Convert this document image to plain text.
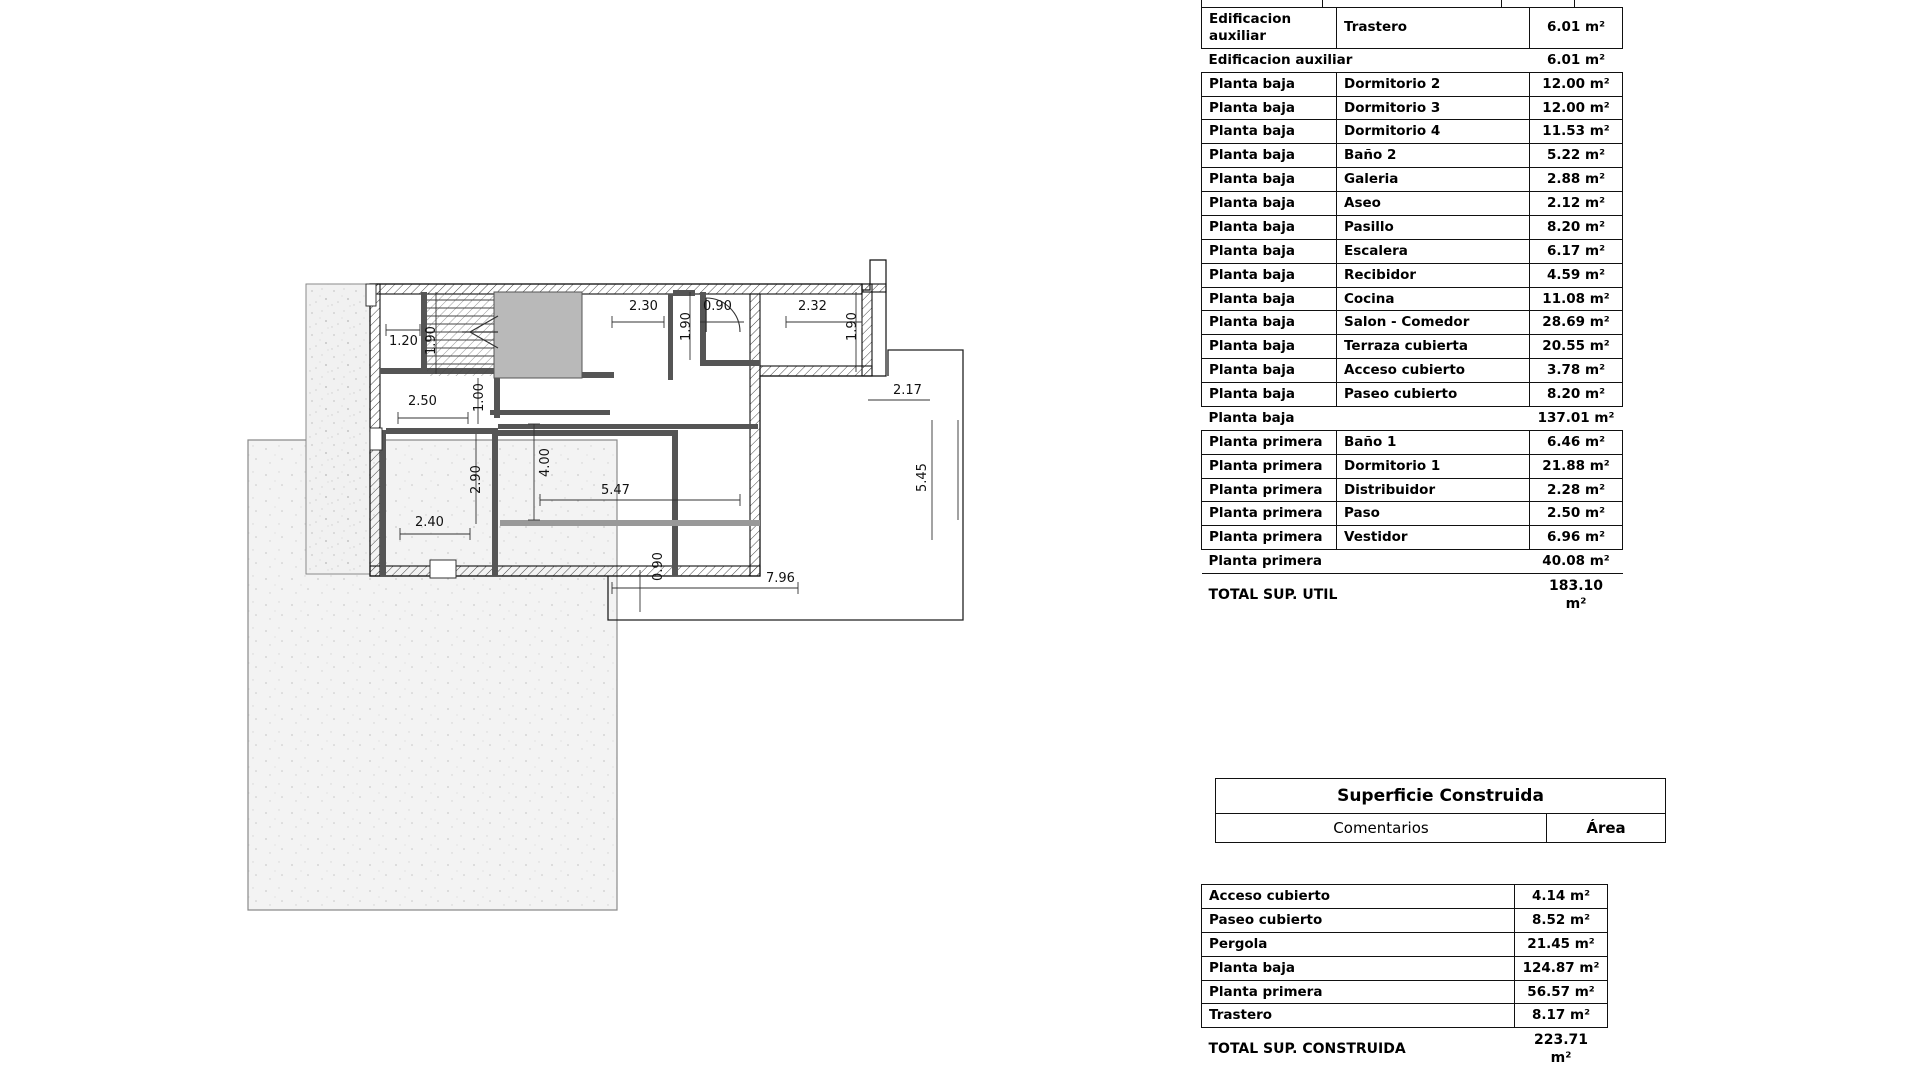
1.20 1.90
2.30
1.90
0.90	2.32
1.90
2.50	1.00	2.17
4.00
2.90	5.47	5.45
2.40
7.96
0.90
Edificacion auxiliar	Trastero	6.01 m²
Edificacion auxiliar		6.01 m²
Planta baja	Dormitorio 2	12.00 m²
Planta baja	Dormitorio 3	12.00 m²
Planta baja	Dormitorio 4	11.53 m²
Planta baja	Baño 2	5.22 m²
Planta baja	Galeria	2.88 m²
Planta baja	Aseo	2.12 m²
Planta baja	Pasillo	8.20 m²
Planta baja	Escalera	6.17 m²
Planta baja	Recibidor	4.59 m²
Planta baja	Cocina	11.08 m²
Planta baja	Salon - Comedor	28.69 m²
Planta baja	Terraza cubierta	20.55 m²
Planta baja	Acceso cubierto	3.78 m²
Planta baja	Paseo cubierto	8.20 m²
Planta baja		137.01 m²
Planta primera	Baño 1	6.46 m²
Planta primera	Dormitorio 1	21.88 m²
Planta primera	Distribuidor	2.28 m²
Planta primera	Paso	2.50 m²
Planta primera	Vestidor	6.96 m²
Planta primera		40.08 m²
TOTAL SUP. UTIL		183.10 m²
Superficie Construida
Comentarios	Área
Acceso cubierto	4.14 m²
Paseo cubierto	8.52 m²
Pergola	21.45 m²
Planta baja	124.87 m²
Planta primera	56.57 m²
Trastero	8.17 m²
TOTAL SUP. CONSTRUIDA	223.71 m²
